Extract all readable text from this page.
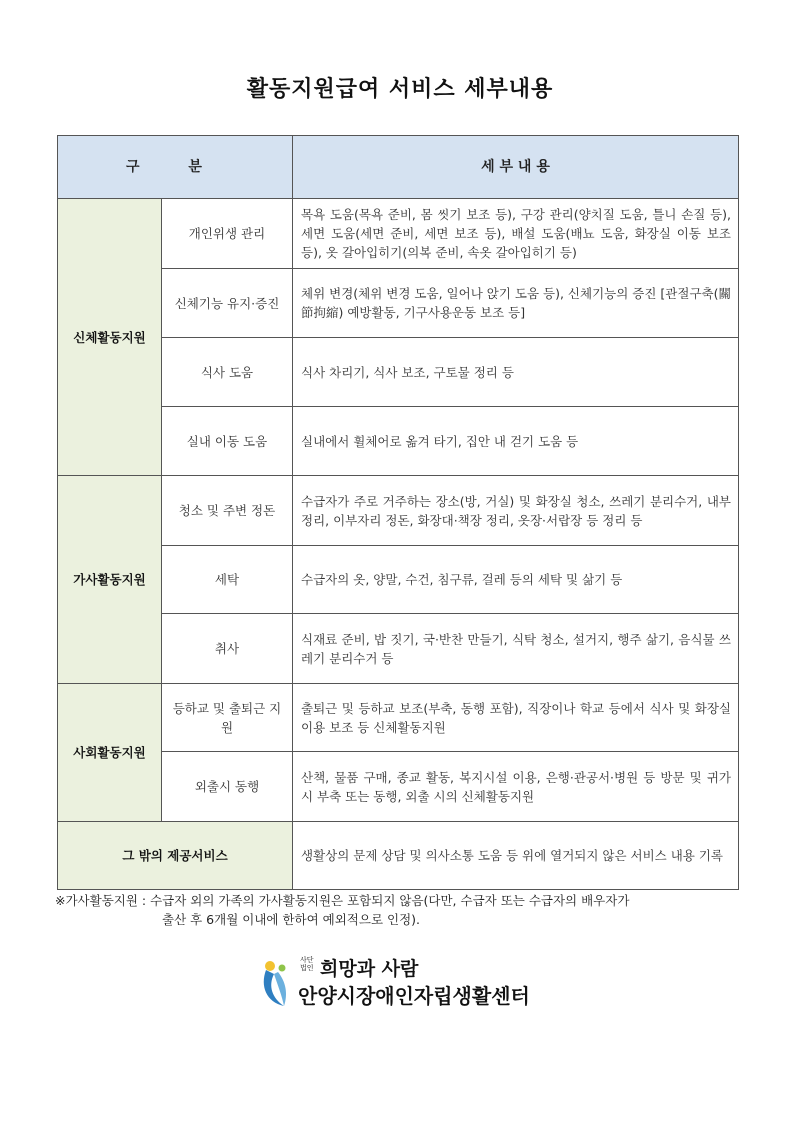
활동지원급여 서비스 세부내용
구 분		세 부 내 용
신체활동지원	개인위생 관리	목욕 도움(목욕 준비, 몸 씻기 보조 등), 구강 관리(양치질 도움, 틀니 손질 등), 세면 도움(세면 준비, 세면 보조 등), 배설 도움(배뇨 도움, 화장실 이동 보조 등), 옷 갈아입히기(의복 준비, 속옷 갈아입히기 등)
	신체기능 유지·증진	체위 변경(체위 변경 도움, 일어나 앉기 도움 등), 신체기능의 증진 [관절구축(關節拘縮) 예방활동, 기구사용운동 보조 등]
	식사 도움	식사 차리기, 식사 보조, 구토물 정리 등
	실내 이동 도움	실내에서 휠체어로 옮겨 타기, 집안 내 걷기 도움 등
가사활동지원	청소 및 주변 정돈	수급자가 주로 거주하는 장소(방, 거실) 및 화장실 청소, 쓰레기 분리수거, 내부 정리, 이부자리 정돈, 화장대·책장 정리, 옷장·서랍장 등 정리 등
	세탁	수급자의 옷, 양말, 수건, 침구류, 걸레 등의 세탁 및 삶기 등
	취사	식재료 준비, 밥 짓기, 국·반찬 만들기, 식탁 청소, 설거지, 행주 삶기, 음식물 쓰레기 분리수거 등
사회활동지원	등하교 및 출퇴근 지원	출퇴근 및 등하교 보조(부축, 동행 포함), 직장이나 학교 등에서 식사 및 화장실 이용 보조 등 신체활동지원
	외출시 동행	산책, 물품 구매, 종교 활동, 복지시설 이용, 은행·관공서·병원 등 방문 및 귀가 시 부축 또는 동행, 외출 시의 신체활동지원
그 밖의 제공서비스		생활상의 문제 상담 및 의사소통 도움 등 위에 열거되지 않은 서비스 내용 기록
※가사활동지원 : 수급자 외의 가족의 가사활동지원은 포함되지 않음(다만, 수급자 또는 수급자의 배우자가
출산 후 6개월 이내에 한하여 예외적으로 인정).
사단
법인 희망과 사람
안양시장애인자립생활센터
